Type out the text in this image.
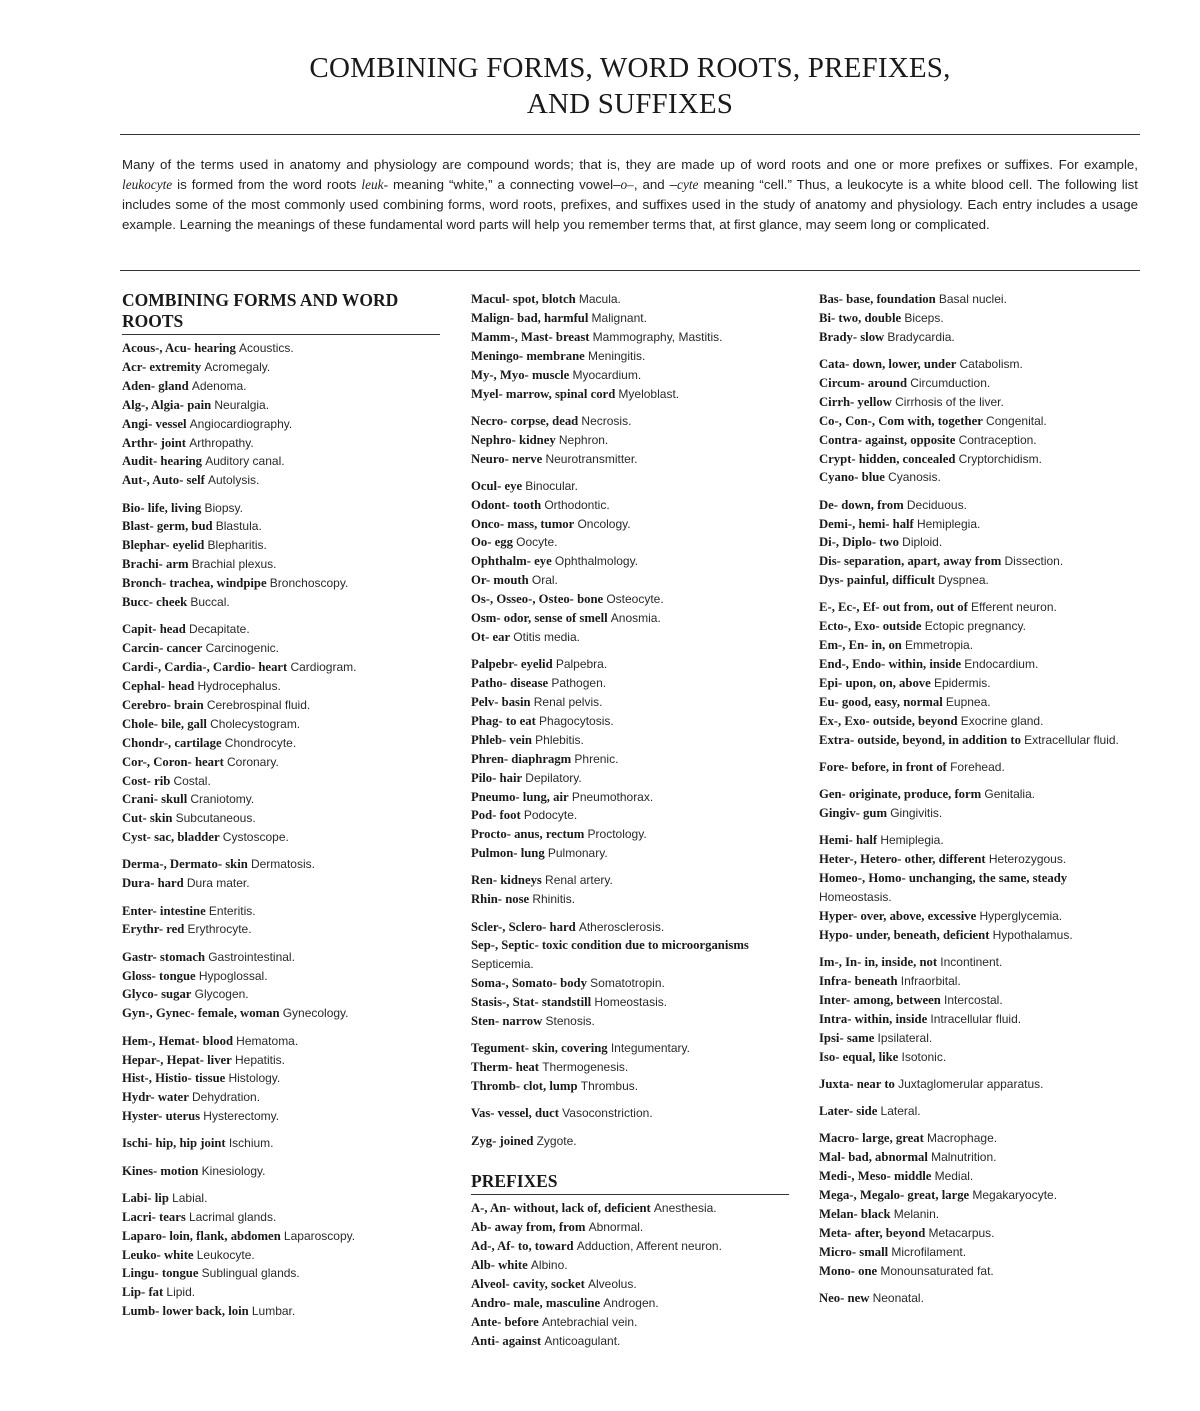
COMBINING FORMS, WORD ROOTS, PREFIXES,
AND SUFFIXES
Many of the terms used in anatomy and physiology are compound words; that is, they are made up of word roots and one or more prefixes or suffixes. For example, leukocyte is formed from the word roots leuk- meaning “white,” a connecting vowel–o–, and –cyte meaning “cell.” Thus, a leukocyte is a white blood cell. The following list includes some of the most commonly used combining forms, word roots, prefixes, and suffixes used in the study of anatomy and physiology. Each entry includes a usage example. Learning the meanings of these fundamental word parts will help you remember terms that, at first glance, may seem long or complicated.
COMBINING FORMS AND WORD ROOTS
Acous-, Acu- hearing Acoustics.
Acr- extremity Acromegaly.
Aden- gland Adenoma.
Alg-, Algia- pain Neuralgia.
Angi- vessel Angiocardiography.
Arthr- joint Arthropathy.
Audit- hearing Auditory canal.
Aut-, Auto- self Autolysis.
Bio- life, living Biopsy.
Blast- germ, bud Blastula.
Blephar- eyelid Blepharitis.
Brachi- arm Brachial plexus.
Bronch- trachea, windpipe Bronchoscopy.
Bucc- cheek Buccal.
Capit- head Decapitate.
Carcin- cancer Carcinogenic.
Cardi-, Cardia-, Cardio- heart Cardiogram.
Cephal- head Hydrocephalus.
Cerebro- brain Cerebrospinal fluid.
Chole- bile, gall Cholecystogram.
Chondr-, cartilage Chondrocyte.
Cor-, Coron- heart Coronary.
Cost- rib Costal.
Crani- skull Craniotomy.
Cut- skin Subcutaneous.
Cyst- sac, bladder Cystoscope.
Derma-, Dermato- skin Dermatosis.
Dura- hard Dura mater.
Enter- intestine Enteritis.
Erythr- red Erythrocyte.
Gastr- stomach Gastrointestinal.
Gloss- tongue Hypoglossal.
Glyco- sugar Glycogen.
Gyn-, Gynec- female, woman Gynecology.
Hem-, Hemat- blood Hematoma.
Hepar-, Hepat- liver Hepatitis.
Hist-, Histio- tissue Histology.
Hydr- water Dehydration.
Hyster- uterus Hysterectomy.
Ischi- hip, hip joint Ischium.
Kines- motion Kinesiology.
Labi- lip Labial.
Lacri- tears Lacrimal glands.
Laparo- loin, flank, abdomen Laparoscopy.
Leuko- white Leukocyte.
Lingu- tongue Sublingual glands.
Lip- fat Lipid.
Lumb- lower back, loin Lumbar.
Macul- spot, blotch Macula.
Malign- bad, harmful Malignant.
Mamm-, Mast- breast Mammography, Mastitis.
Meningo- membrane Meningitis.
My-, Myo- muscle Myocardium.
Myel- marrow, spinal cord Myeloblast.
Necro- corpse, dead Necrosis.
Nephro- kidney Nephron.
Neuro- nerve Neurotransmitter.
Ocul- eye Binocular.
Odont- tooth Orthodontic.
Onco- mass, tumor Oncology.
Oo- egg Oocyte.
Ophthalm- eye Ophthalmology.
Or- mouth Oral.
Os-, Osseo-, Osteo- bone Osteocyte.
Osm- odor, sense of smell Anosmia.
Ot- ear Otitis media.
Palpebr- eyelid Palpebra.
Patho- disease Pathogen.
Pelv- basin Renal pelvis.
Phag- to eat Phagocytosis.
Phleb- vein Phlebitis.
Phren- diaphragm Phrenic.
Pilo- hair Depilatory.
Pneumo- lung, air Pneumothorax.
Pod- foot Podocyte.
Procto- anus, rectum Proctology.
Pulmon- lung Pulmonary.
Ren- kidneys Renal artery.
Rhin- nose Rhinitis.
Scler-, Sclero- hard Atherosclerosis.
Sep-, Septic- toxic condition due to microorganisms Septicemia.
Soma-, Somato- body Somatotropin.
Stasis-, Stat- standstill Homeostasis.
Sten- narrow Stenosis.
Tegument- skin, covering Integumentary.
Therm- heat Thermogenesis.
Thromb- clot, lump Thrombus.
Vas- vessel, duct Vasoconstriction.
Zyg- joined Zygote.
PREFIXES
A-, An- without, lack of, deficient Anesthesia.
Ab- away from, from Abnormal.
Ad-, Af- to, toward Adduction, Afferent neuron.
Alb- white Albino.
Alveol- cavity, socket Alveolus.
Andro- male, masculine Androgen.
Ante- before Antebrachial vein.
Anti- against Anticoagulant.
Bas- base, foundation Basal nuclei.
Bi- two, double Biceps.
Brady- slow Bradycardia.
Cata- down, lower, under Catabolism.
Circum- around Circumduction.
Cirrh- yellow Cirrhosis of the liver.
Co-, Con-, Com with, together Congenital.
Contra- against, opposite Contraception.
Crypt- hidden, concealed Cryptorchidism.
Cyano- blue Cyanosis.
De- down, from Deciduous.
Demi-, hemi- half Hemiplegia.
Di-, Diplo- two Diploid.
Dis- separation, apart, away from Dissection.
Dys- painful, difficult Dyspnea.
E-, Ec-, Ef- out from, out of Efferent neuron.
Ecto-, Exo- outside Ectopic pregnancy.
Em-, En- in, on Emmetropia.
End-, Endo- within, inside Endocardium.
Epi- upon, on, above Epidermis.
Eu- good, easy, normal Eupnea.
Ex-, Exo- outside, beyond Exocrine gland.
Extra- outside, beyond, in addition to Extracellular fluid.
Fore- before, in front of Forehead.
Gen- originate, produce, form Genitalia.
Gingiv- gum Gingivitis.
Hemi- half Hemiplegia.
Heter-, Hetero- other, different Heterozygous.
Homeo-, Homo- unchanging, the same, steady Homeostasis.
Hyper- over, above, excessive Hyperglycemia.
Hypo- under, beneath, deficient Hypothalamus.
Im-, In- in, inside, not Incontinent.
Infra- beneath Infraorbital.
Inter- among, between Intercostal.
Intra- within, inside Intracellular fluid.
Ipsi- same Ipsilateral.
Iso- equal, like Isotonic.
Juxta- near to Juxtaglomerular apparatus.
Later- side Lateral.
Macro- large, great Macrophage.
Mal- bad, abnormal Malnutrition.
Medi-, Meso- middle Medial.
Mega-, Megalo- great, large Megakaryocyte.
Melan- black Melanin.
Meta- after, beyond Metacarpus.
Micro- small Microfilament.
Mono- one Monounsaturated fat.
Neo- new Neonatal.
